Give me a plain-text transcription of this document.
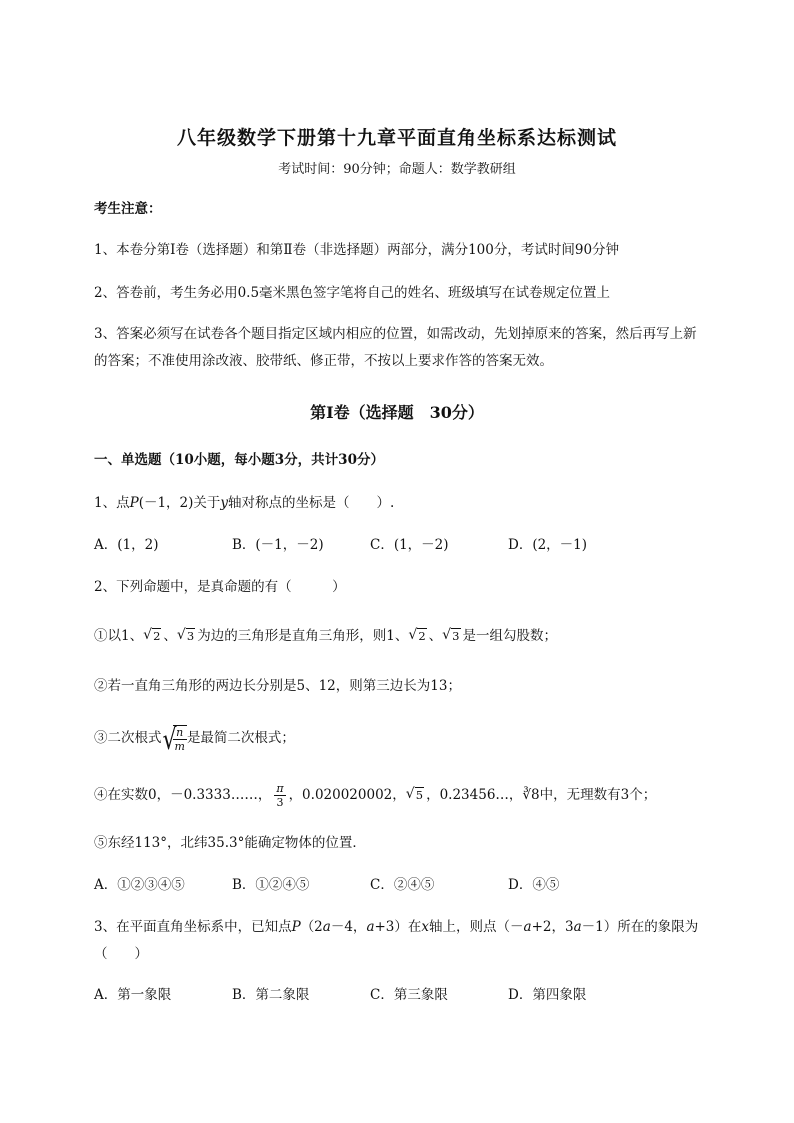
八年级数学下册第十九章平面直角坐标系达标测试
考试时间：90分钟；命题人：数学教研组
考生注意：
1、本卷分第I卷（选择题）和第Ⅱ卷（非选择题）两部分，满分100分，考试时间90分钟
2、答卷前，考生务必用0.5毫米黑色签字笔将自己的姓名、班级填写在试卷规定位置上
3、答案必须写在试卷各个题目指定区域内相应的位置，如需改动，先划掉原来的答案，然后再写上新
的答案；不准使用涂改液、胶带纸、修正带，不按以上要求作答的答案无效。
第I卷（选择题　30分）
一、单选题（10小题，每小题3分，共计30分）
1、点P(－1，2)关于y轴对称点的坐标是（　　）.
A．(1，2)	B．(－1，－2)	C．(1，－2)	D．(2，－1)
2、下列命题中，是真命题的有（　　　）
①以1、 √ 2 、 √ 3 为边的三角形是直角三角形，则1、 √ 2 、 √ 3 是一组勾股数；
②若一直角三角形的两边长分别是5、12，则第三边长为13；
③二次根式 √ $\frac{n}{m}$ 是最简二次根式；
④在实数0，－0.3333……， $\frac{\pi}{3}$ ，0.020020002， √ 5 ，0.23456…，∛8中，无理数有3个；
⑤东经113°，北纬35.3°能确定物体的位置．
A．①②③④⑤	B．①②④⑤	C．②④⑤	D．④⑤
3、在平面直角坐标系中，已知点P（2a－4，a+3）在x轴上，则点（－a+2，3a－1）所在的象限为
（　　）
A．第一象限	B．第二象限	C．第三象限	D．第四象限
